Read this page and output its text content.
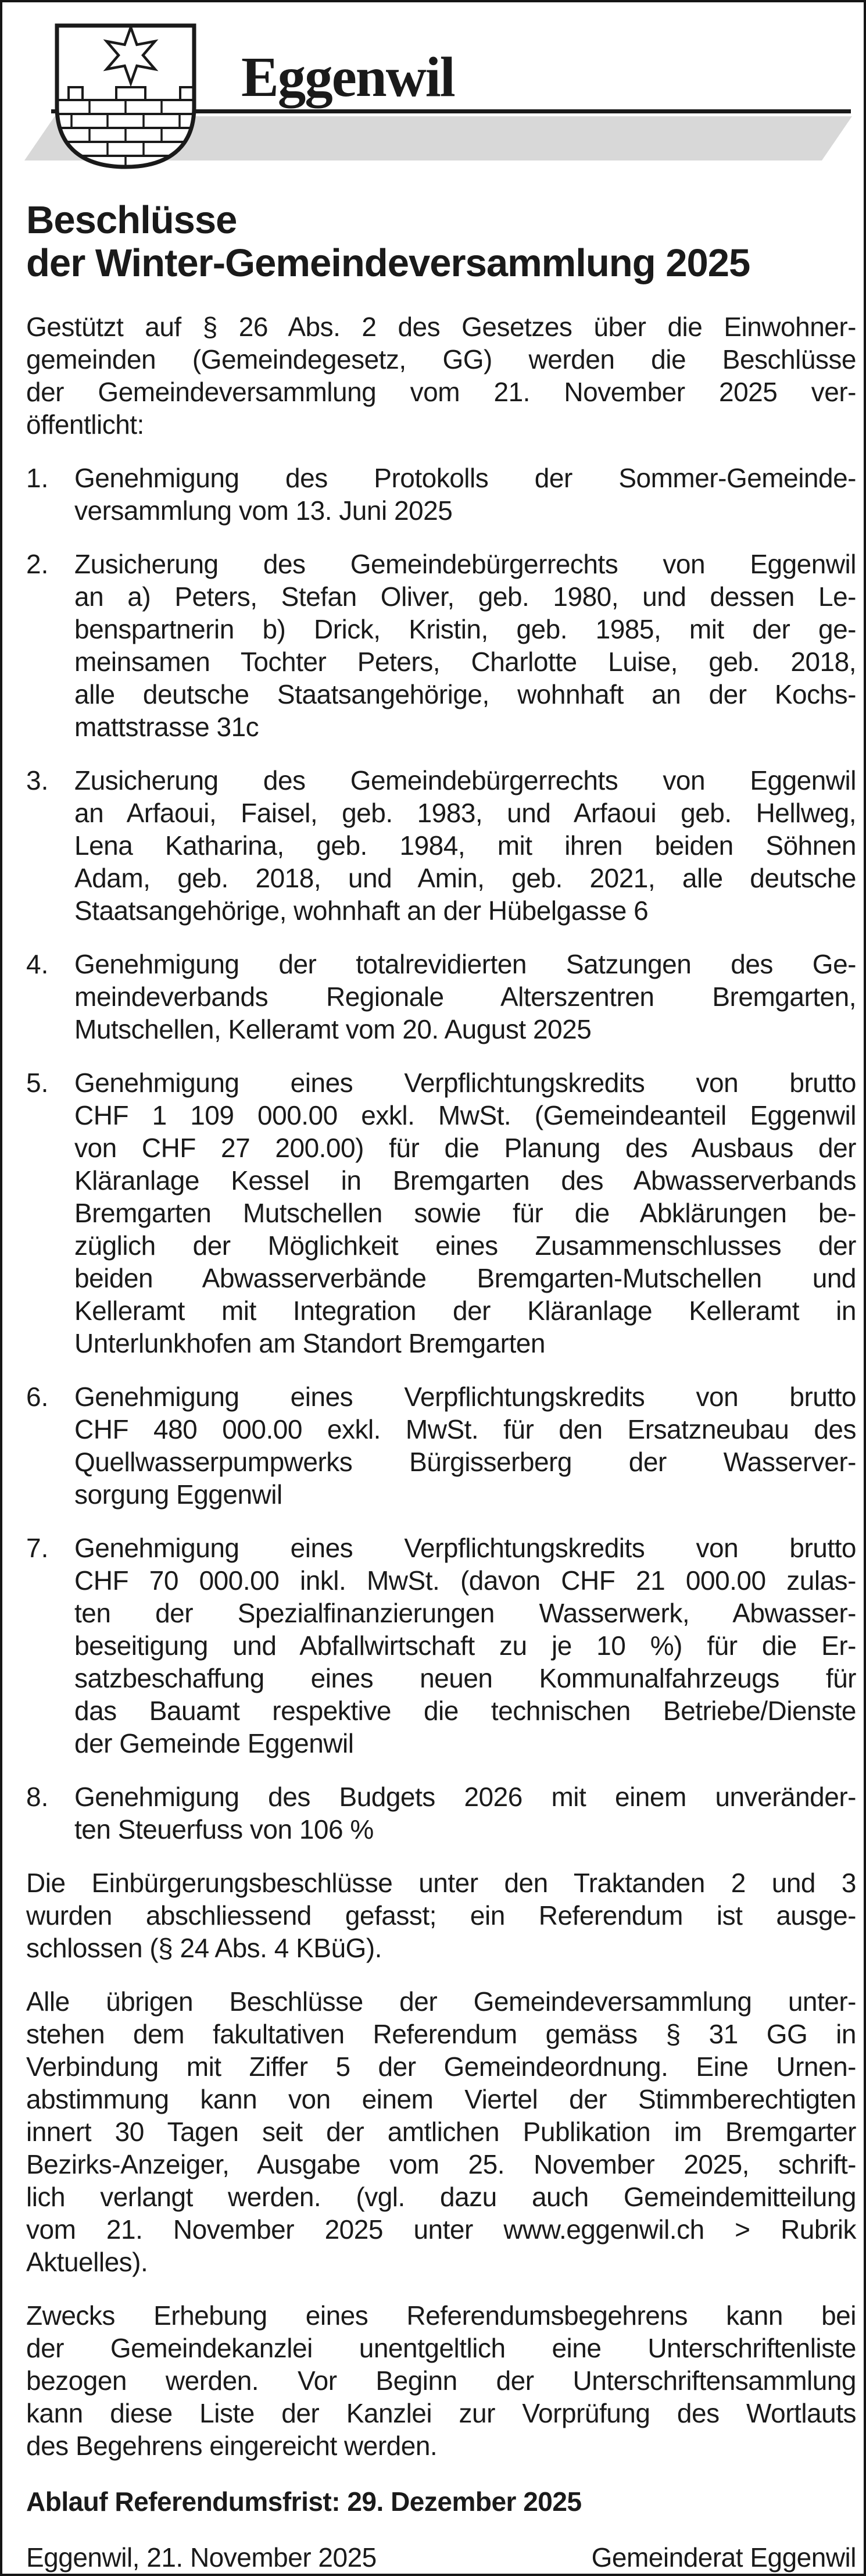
Eggenwil
Beschlüsse
der Winter-Gemeindeversammlung 2025
Gestützt auf § 26 Abs. 2 des Gesetzes über die Einwohner-
gemeinden (Gemeindegesetz, GG) werden die Beschlüsse
der Gemeindeversammlung vom 21. November 2025 ver-
öffentlicht:
1. Genehmigung des Protokolls der Sommer-Gemeinde-
versammlung vom 13. Juni 2025
2. Zusicherung des Gemeindebürgerrechts von Eggenwil
an a) Peters, Stefan Oliver, geb. 1980, und dessen Le-
benspartnerin b) Drick, Kristin, geb. 1985, mit der ge-
meinsamen Tochter Peters, Charlotte Luise, geb. 2018,
alle deutsche Staatsangehörige, wohnhaft an der Kochs-
mattstrasse 31c
3. Zusicherung des Gemeindebürgerrechts von Eggenwil
an Arfaoui, Faisel, geb. 1983, und Arfaoui geb. Hellweg,
Lena Katharina, geb. 1984, mit ihren beiden Söhnen
Adam, geb. 2018, und Amin, geb. 2021, alle deutsche
Staatsangehörige, wohnhaft an der Hübelgasse 6
4. Genehmigung der totalrevidierten Satzungen des Ge-
meindeverbands Regionale Alterszentren Bremgarten,
Mutschellen, Kelleramt vom 20. August 2025
5. Genehmigung eines Verpflichtungskredits von brutto
CHF 1 109 000.00 exkl. MwSt. (Gemeindeanteil Eggenwil
von CHF 27 200.00) für die Planung des Ausbaus der
Kläranlage Kessel in Bremgarten des Abwasserverbands
Bremgarten Mutschellen sowie für die Abklärungen be-
züglich der Möglichkeit eines Zusammenschlusses der
beiden Abwasserverbände Bremgarten-Mutschellen und
Kelleramt mit Integration der Kläranlage Kelleramt in
Unterlunkhofen am Standort Bremgarten
6. Genehmigung eines Verpflichtungskredits von brutto
CHF 480 000.00 exkl. MwSt. für den Ersatzneubau des
Quellwasserpumpwerks Bürgisserberg der Wasserver-
sorgung Eggenwil
7. Genehmigung eines Verpflichtungskredits von brutto
CHF 70 000.00 inkl. MwSt. (davon CHF 21 000.00 zulas-
ten der Spezialfinanzierungen Wasserwerk, Abwasser-
beseitigung und Abfallwirtschaft zu je 10 %) für die Er-
satzbeschaffung eines neuen Kommunalfahrzeugs für
das Bauamt respektive die technischen Betriebe/Dienste
der Gemeinde Eggenwil
8. Genehmigung des Budgets 2026 mit einem unveränder-
ten Steuerfuss von 106 %
Die Einbürgerungsbeschlüsse unter den Traktanden 2 und 3
wurden abschliessend gefasst; ein Referendum ist ausge-
schlossen (§ 24 Abs. 4 KBüG).
Alle übrigen Beschlüsse der Gemeindeversammlung unter-
stehen dem fakultativen Referendum gemäss § 31 GG in
Verbindung mit Ziffer 5 der Gemeindeordnung. Eine Urnen-
abstimmung kann von einem Viertel der Stimmberechtigten
innert 30 Tagen seit der amtlichen Publikation im Bremgarter
Bezirks-Anzeiger, Ausgabe vom 25. November 2025, schrift-
lich verlangt werden. (vgl. dazu auch Gemeindemitteilung
vom 21. November 2025 unter www.eggenwil.ch > Rubrik
Aktuelles).
Zwecks Erhebung eines Referendumsbegehrens kann bei
der Gemeindekanzlei unentgeltlich eine Unterschriftenliste
bezogen werden. Vor Beginn der Unterschriftensammlung
kann diese Liste der Kanzlei zur Vorprüfung des Wortlauts
des Begehrens eingereicht werden.
Ablauf Referendumsfrist: 29. Dezember 2025
Eggenwil, 21. November 2025	Gemeinderat Eggenwil
